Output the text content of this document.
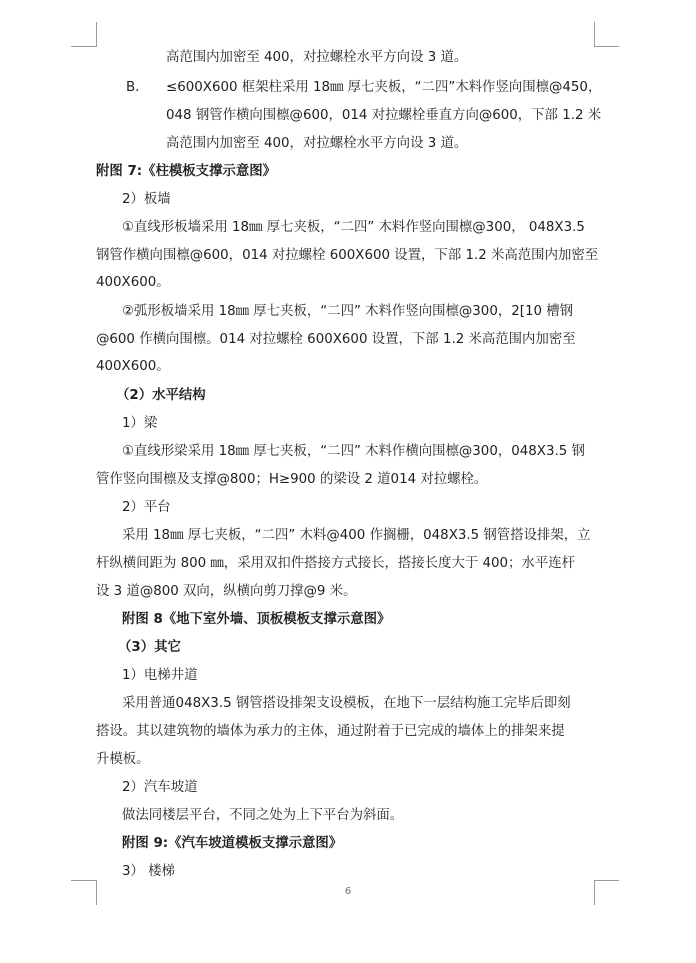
高范围内加密至 400，对拉螺栓水平方向设 3 道。
B.	≤600X600 框架柱采用 18㎜ 厚七夹板，“二四”木料作竖向围檩@450，
048 钢管作横向围檩@600，014 对拉螺栓垂直方向@600，下部 1.2 米
高范围内加密至 400，对拉螺栓水平方向设 3 道。
附图 7:《柱模板支撑示意图》
2）板墙
①直线形板墙采用 18㎜ 厚七夹板，“二四” 木料作竖向围檩@300， 048X3.5
钢管作横向围檩@600，014 对拉螺栓 600X600 设置，下部 1.2 米高范围内加密至
400X600。
②弧形板墙采用 18㎜ 厚七夹板，“二四” 木料作竖向围檩@300，2[10 槽钢
@600 作横向围檩。014 对拉螺栓 600X600 设置，下部 1.2 米高范围内加密至
400X600。
（2）水平结构
1）梁
①直线形梁采用 18㎜ 厚七夹板，“二四” 木料作横向围檩@300，048X3.5 钢
管作竖向围檩及支撑@800；H≥900 的梁设 2 道014 对拉螺栓。
2）平台
采用 18㎜ 厚七夹板，“二四” 木料@400 作搁栅，048X3.5 钢管搭设排架，立
杆纵横间距为 800 ㎜，采用双扣件搭接方式接长，搭接长度大于 400；水平连杆
设 3 道@800 双向，纵横向剪刀撑@9 米。
附图 8《地下室外墙、顶板模板支撑示意图》
（3）其它
1）电梯井道
采用普通048X3.5 钢管搭设排架支设模板，在地下一层结构施工完毕后即刻
搭设。其以建筑物的墙体为承力的主体，通过附着于已完成的墙体上的排架来提
升模板。
2）汽车坡道
做法同楼层平台，不同之处为上下平台为斜面。
附图 9:《汽车坡道模板支撑示意图》
3） 楼梯
6
